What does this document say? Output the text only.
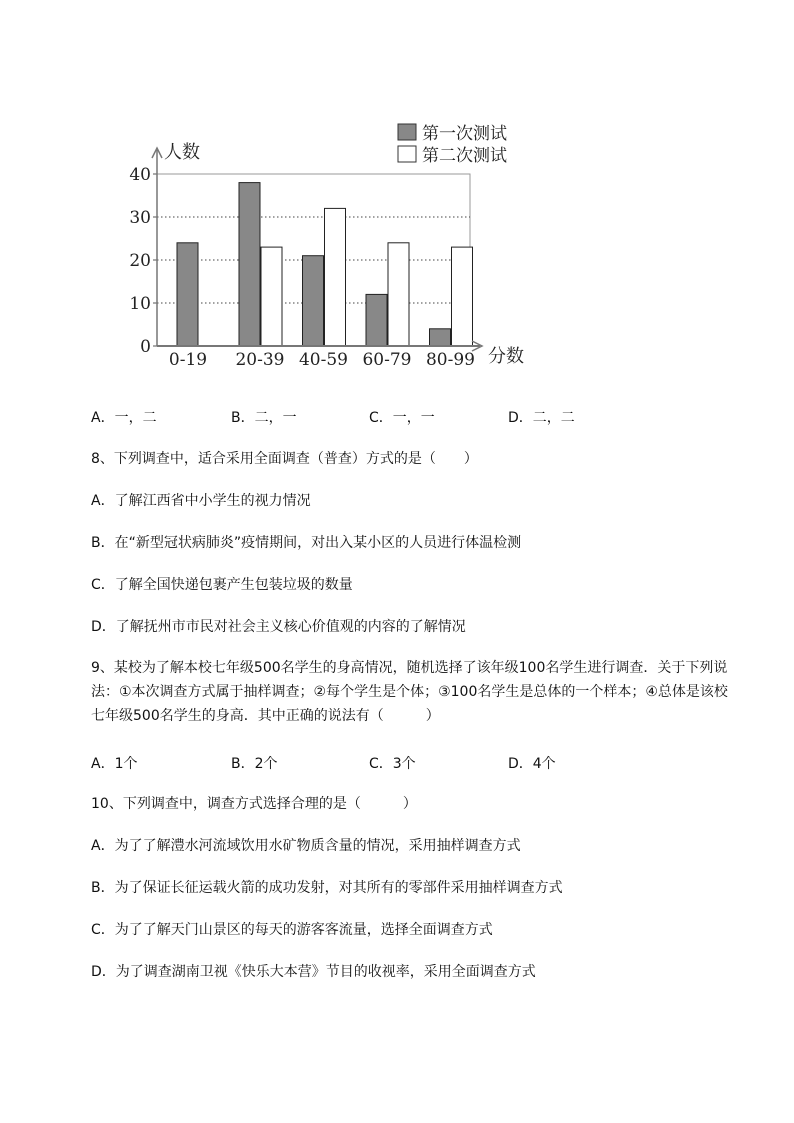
0
10
20
30
40
0-19 20-39 40-59 60-79 80-99
人数
分数
第一次测试
第二次测试
A．一，二	B．二，一	C．一，一	D．二，二
8、下列调查中，适合采用全面调查（普查）方式的是（　　）
A．了解江西省中小学生的视力情况
B．在“新型冠状病肺炎”疫情期间，对出入某小区的人员进行体温检测
C．了解全国快递包裹产生包装垃圾的数量
D．了解抚州市市民对社会主义核心价值观的内容的了解情况
9、某校为了解本校七年级500名学生的身高情况，随机选择了该年级100名学生进行调查．关于下列说法：①本次调查方式属于抽样调查；②每个学生是个体；③100名学生是总体的一个样本；④总体是该校七年级500名学生的身高．其中正确的说法有（　　　）
A．1个	B．2个	C．3个	D．4个
10、下列调查中，调查方式选择合理的是（　　　）
A．为了了解澧水河流域饮用水矿物质含量的情况，采用抽样调查方式
B．为了保证长征运载火箭的成功发射，对其所有的零部件采用抽样调查方式
C．为了了解天门山景区的每天的游客客流量，选择全面调查方式
D．为了调查湖南卫视《快乐大本营》节目的收视率，采用全面调查方式
